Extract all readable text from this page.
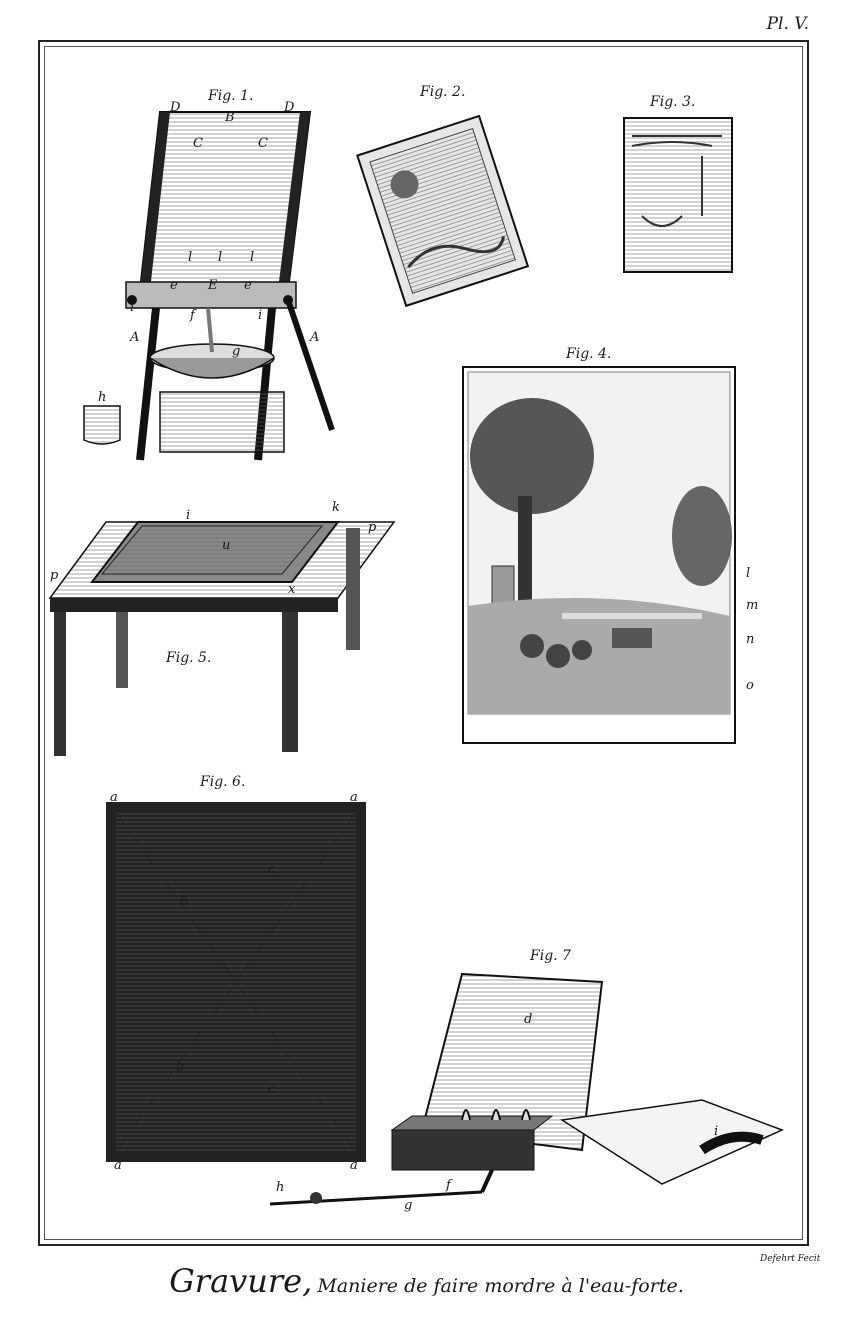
Pl. V.
Fig. 1.
D	D
B
C	C
l l l
e	e
E
i
f	i
A	A
g
h
Fig. 2.
Fig. 3.
Fig. 4.
l
m
n
o
Fig. 5.
i
k
u
p
p
x
Fig. 6.
a	a
a	a
b
b
c
c
Fig. 7
d
i
h	f
g
Defehrt Fecit
Gravure, Maniere de faire mordre à l'eau-forte.
